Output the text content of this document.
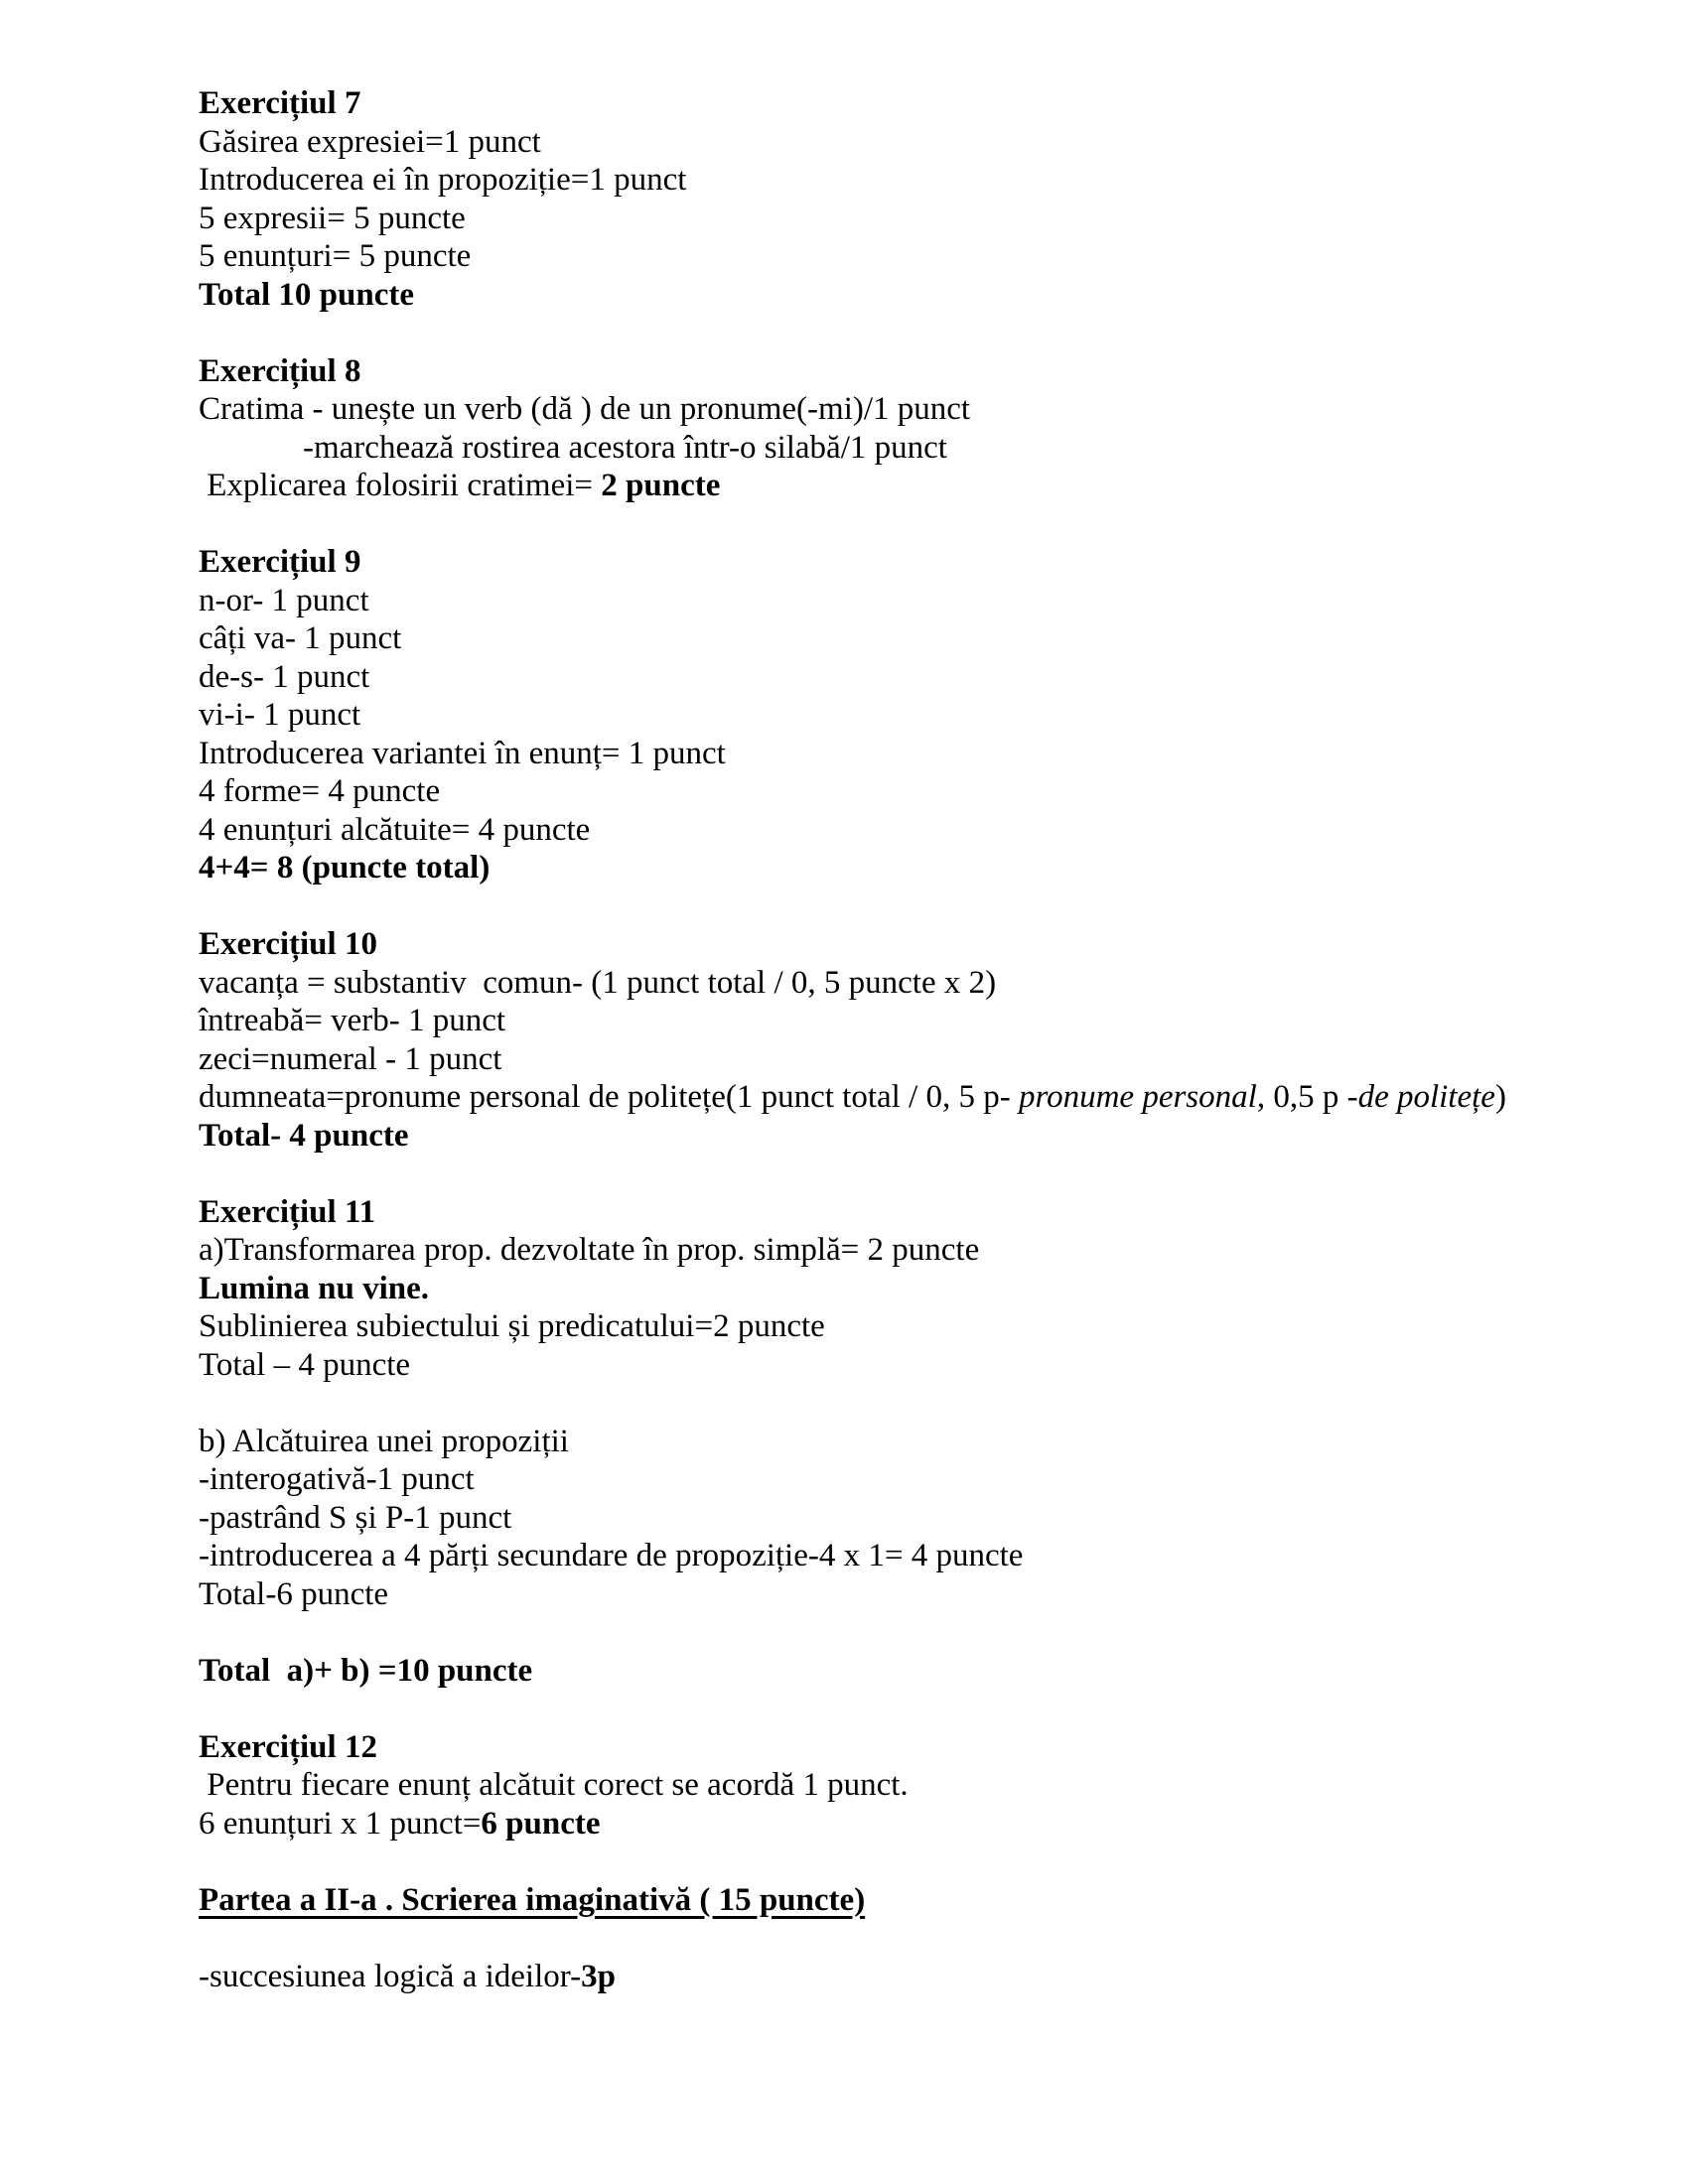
Exercițiul 7
Găsirea expresiei=1 punct
Introducerea ei în propoziție=1 punct
5 expresii= 5 puncte
5 enunțuri= 5 puncte
Total 10 puncte

Exercițiul 8
Cratima - unește un verb (dă ) de un pronume(-mi)/1 punct
-marchează rostirea acestora într-o silabă/1 punct
Explicarea folosirii cratimei= 2 puncte

Exercițiul 9
n-or- 1 punct
câți va- 1 punct
de-s- 1 punct
vi-i- 1 punct
Introducerea variantei în enunț= 1 punct
4 forme= 4 puncte
4 enunțuri alcătuite= 4 puncte
4+4= 8 (puncte total)

Exercițiul 10
vacanța = substantiv  comun- (1 punct total / 0, 5 puncte x 2)
întreabă= verb- 1 punct
zeci=numeral - 1 punct
dumneata=pronume personal de politețe(1 punct total / 0, 5 p- pronume personal, 0,5 p -de politețe)
Total- 4 puncte

Exercițiul 11
a)Transformarea prop. dezvoltate în prop. simplă= 2 puncte
Lumina nu vine.
Sublinierea subiectului și predicatului=2 puncte
Total – 4 puncte

b) Alcătuirea unei propoziții
-interogativă-1 punct
-pastrând S și P-1 punct
-introducerea a 4 părți secundare de propoziție-4 x 1= 4 puncte
Total-6 puncte

Total  a)+ b) =10 puncte

Exercițiul 12
Pentru fiecare enunț alcătuit corect se acordă 1 punct.
6 enunțuri x 1 punct=6 puncte

Partea a II-a . Scrierea imaginativă ( 15 puncte)

-succesiunea logică a ideilor-3p
